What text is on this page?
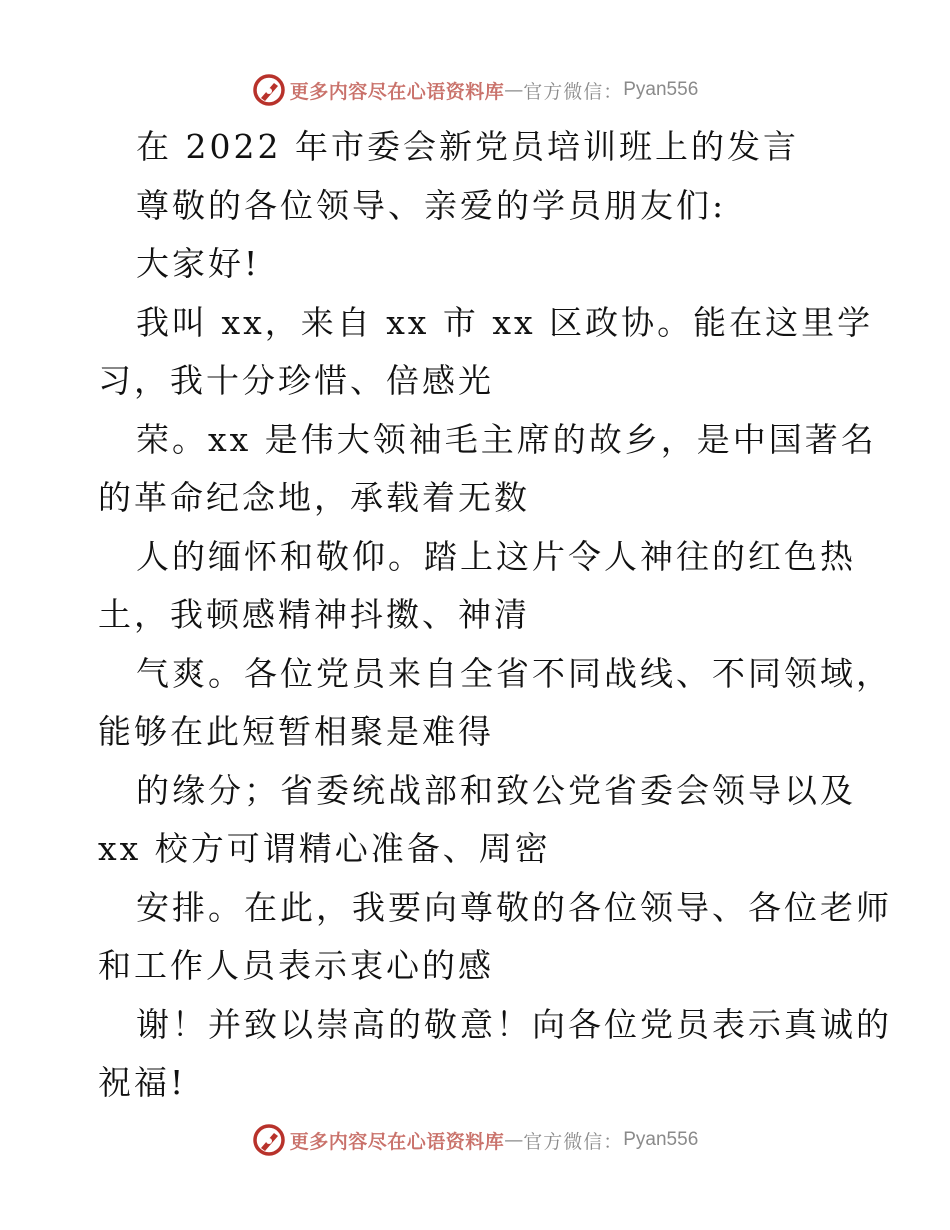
更多内容尽在心语资料库 — 官方微信： Pyan556
在 2022 年市委会新党员培训班上的发言
尊敬的各位领导、亲爱的学员朋友们:
大家好!
我叫 xx，来自 xx 市 xx 区政协。能在这里学
习，我十分珍惜、倍感光
荣。xx 是伟大领袖毛主席的故乡，是中国著名
的革命纪念地，承载着无数
人的缅怀和敬仰。踏上这片令人神往的红色热
土，我顿感精神抖擞、神清
气爽。各位党员来自全省不同战线、不同领域，
能够在此短暂相聚是难得
的缘分；省委统战部和致公党省委会领导以及
xx 校方可谓精心准备、周密
安排。在此，我要向尊敬的各位领导、各位老师
和工作人员表示衷心的感
谢！并致以崇高的敬意！向各位党员表示真诚的
祝福!
更多内容尽在心语资料库 — 官方微信： Pyan556
